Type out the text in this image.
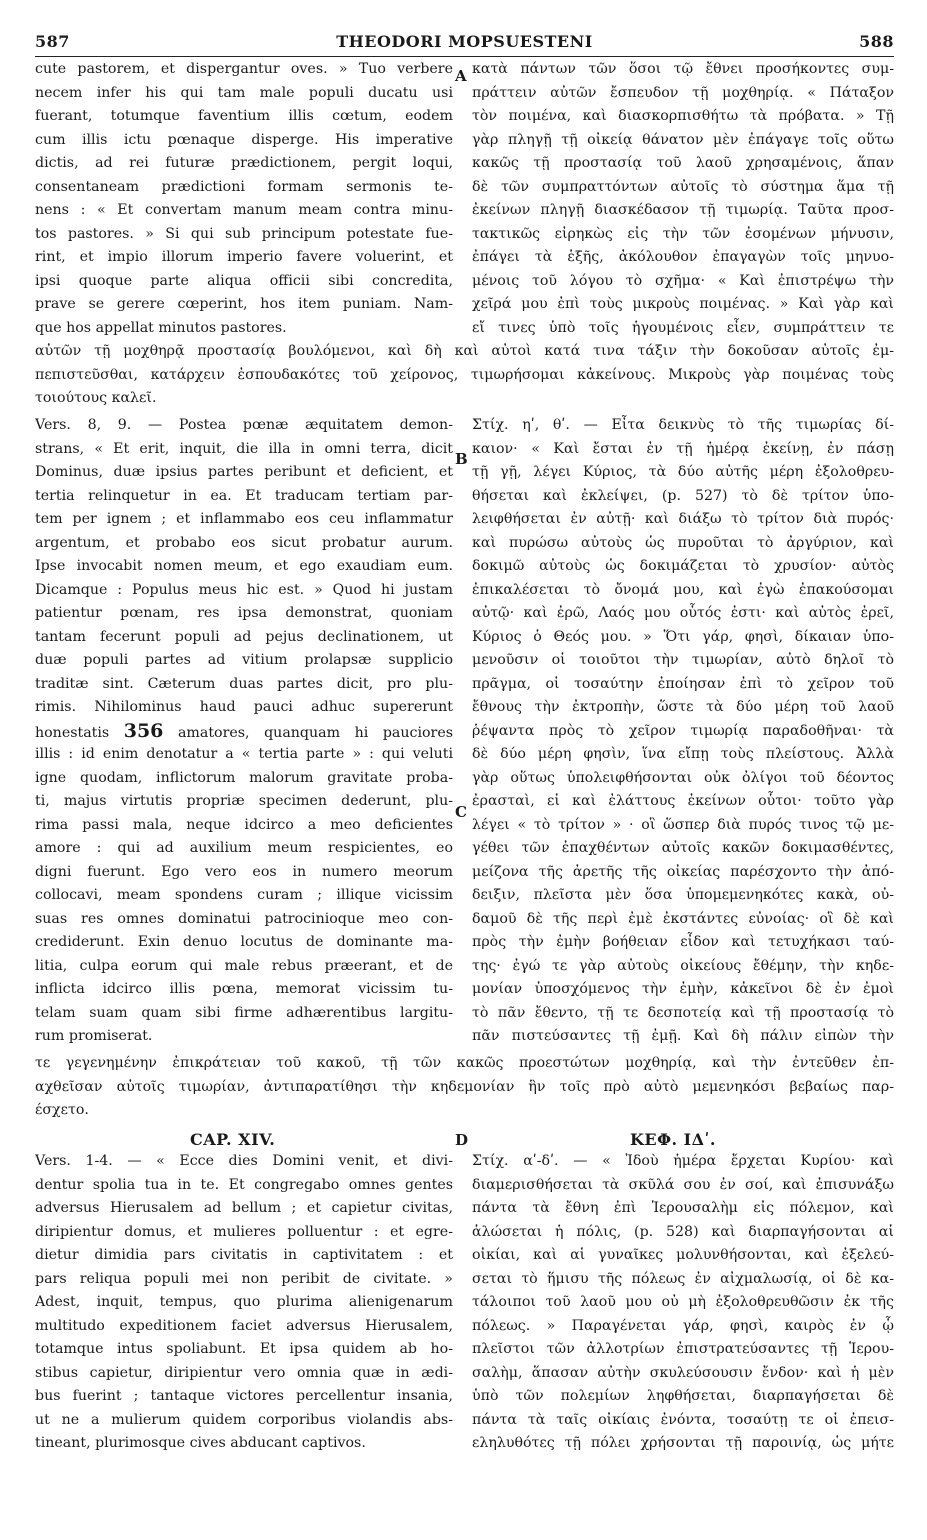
587	THEODORI MOPSUESTENI	588
cute pastorem, et dispergantur oves. » Tuo verbere
necem infer his qui tam male populi ducatu usi
fuerant, totumque faventium illis cœtum, eodem
cum illis ictu pœnaque disperge. His imperative
dictis, ad rei futuræ prædictionem, pergit loqui,
consentaneam prædictioni formam sermonis te-
nens : « Et convertam manum meam contra minu-
tos pastores. » Si qui sub principum potestate fue-
rint, et impio illorum imperio favere voluerint, et
ipsi quoque parte aliqua officii sibi concredita,
prave se gerere cœperint, hos item puniam. Nam-
que hos appellat minutos pastores.
κατὰ πάντων τῶν ὅσοι τῷ ἔθνει προσήκοντες συμ-
πράττειν αὐτῶν ἔσπευδον τῇ μοχθηρίᾳ. « Πάταξον
τὸν ποιμένα, καὶ διασκορπισθήτω τὰ πρόβατα. » Τῇ
γὰρ πληγῇ τῇ οἰκείᾳ θάνατον μὲν ἐπάγαγε τοῖς οὕτω
κακῶς τῇ προστασίᾳ τοῦ λαοῦ χρησαμένοις, ἅπαν
δὲ τῶν συμπραττόντων αὐτοῖς τὸ σύστημα ἅμα τῇ
ἐκείνων πληγῇ διασκέδασον τῇ τιμωρίᾳ. Ταῦτα προσ-
τακτικῶς εἰρηκὼς εἰς τὴν τῶν ἐσομένων μήνυσιν,
ἐπάγει τὰ ἑξῆς, ἀκόλουθον ἐπαγαγὼν τοῖς μηνυο-
μένοις τοῦ λόγου τὸ σχῆμα· « Καὶ ἐπιστρέψω τὴν
χεῖρά μου ἐπὶ τοὺς μικροὺς ποιμένας. » Καὶ γὰρ καὶ
εἴ τινες ὑπὸ τοῖς ἡγουμένοις εἶεν, συμπράττειν τε
A
αὐτῶν τῇ μοχθηρᾷ προστασίᾳ βουλόμενοι, καὶ δὴ καὶ αὐτοὶ κατά τινα τάξιν τὴν δοκοῦσαν αὐτοῖς ἐμ-
πεπιστεῦσθαι, κατάρχειν ἐσπουδακότες τοῦ χείρονος, τιμωρήσομαι κἀκείνους. Μικροὺς γὰρ ποιμένας τοὺς
τοιούτους καλεῖ.
Vers. 8, 9. — Postea pœnæ æquitatem demon-
strans, « Et erit, inquit, die illa in omni terra, dicit
Dominus, duæ ipsius partes peribunt et deficient, et
tertia relinquetur in ea. Et traducam tertiam par-
tem per ignem ; et inflammabo eos ceu inflammatur
argentum, et probabo eos sicut probatur aurum.
Ipse invocabit nomen meum, et ego exaudiam eum.
Dicamque : Populus meus hic est. » Quod hi justam
patientur pœnam, res ipsa demonstrat, quoniam
tantam fecerunt populi ad pejus declinationem, ut
duæ populi partes ad vitium prolapsæ supplicio
traditæ sint. Cæterum duas partes dicit, pro plu-
rimis. Nihilominus haud pauci adhuc supererunt
honestatis 356 amatores, quanquam hi pauciores
illis : id enim denotatur a « tertia parte » : qui veluti
igne quodam, inflictorum malorum gravitate proba-
ti, majus virtutis propriæ specimen dederunt, plu-
rima passi mala, neque idcirco a meo deficientes
amore : qui ad auxilium meum respicientes, eo
digni fuerunt. Ego vero eos in numero meorum
collocavi, meam spondens curam ; illique vicissim
suas res omnes dominatui patrocinioque meo con-
crediderunt. Exin denuo locutus de dominante ma-
litia, culpa eorum qui male rebus præerant, et de
inflicta idcirco illis pœna, memorat vicissim tu-
telam suam quam sibi firme adhærentibus largitu-
rum promiserat.
Στίχ. ηʹ, θʹ. — Εἶτα δεικνὺς τὸ τῆς τιμωρίας δί-
καιον· « Καὶ ἔσται ἐν τῇ ἡμέρᾳ ἐκείνῃ, ἐν πάσῃ
τῇ γῇ, λέγει Κύριος, τὰ δύο αὐτῆς μέρη ἐξολοθρευ-
θήσεται καὶ ἐκλείψει, (p. 527) τὸ δὲ τρίτον ὑπο-
λειφθήσεται ἐν αὐτῇ· καὶ διάξω τὸ τρίτον διὰ πυρός·
καὶ πυρώσω αὐτοὺς ὡς πυροῦται τὸ ἀργύριον, καὶ
δοκιμῶ αὐτοὺς ὡς δοκιμάζεται τὸ χρυσίον· αὐτὸς
ἐπικαλέσεται τὸ ὄνομά μου, καὶ ἐγὼ ἐπακούσομαι
αὐτῷ· καὶ ἐρῶ, Λαός μου οὗτός ἐστι· καὶ αὐτὸς ἐρεῖ,
Κύριος ὁ Θεός μου. » Ὅτι γάρ, φησὶ, δίκαιαν ὑπο-
μενοῦσιν οἱ τοιοῦτοι τὴν τιμωρίαν, αὐτὸ δηλοῖ τὸ
πρᾶγμα, οἱ τοσαύτην ἐποίησαν ἐπὶ τὸ χεῖρον τοῦ
ἔθνους τὴν ἐκτροπὴν, ὥστε τὰ δύο μέρη τοῦ λαοῦ
ῥέψαντα πρὸς τὸ χεῖρον τιμωρίᾳ παραδοθῆναι· τὰ
δὲ δύο μέρη φησὶν, ἵνα εἴπῃ τοὺς πλείστους. Ἀλλὰ
γὰρ οὕτως ὑπολειφθήσονται οὐκ ὀλίγοι τοῦ δέοντος
ἐρασταὶ, εἰ καὶ ἐλάττους ἐκείνων οὗτοι· τοῦτο γὰρ
λέγει « τὸ τρίτον » · οἳ ὥσπερ διὰ πυρός τινος τῷ με-
γέθει τῶν ἐπαχθέντων αὐτοῖς κακῶν δοκιμασθέντες,
μείζονα τῆς ἀρετῆς τῆς οἰκείας παρέσχοντο τὴν ἀπό-
δειξιν, πλεῖστα μὲν ὅσα ὑπομεμενηκότες κακὰ, οὐ-
δαμοῦ δὲ τῆς περὶ ἐμὲ ἐκστάντες εὐνοίας· οἳ δὲ καὶ
πρὸς τὴν ἐμὴν βοήθειαν εἶδον καὶ τετυχήκασι ταύ-
της· ἐγώ τε γὰρ αὐτοὺς οἰκείους ἔθέμην, τὴν κηδε-
μονίαν ὑποσχόμενος τὴν ἐμὴν, κἀκεῖνοι δὲ ἐν ἐμοὶ
τὸ πᾶν ἔθεντο, τῇ τε δεσποτείᾳ καὶ τῇ προστασίᾳ τὸ
πᾶν πιστεύσαντες τῇ ἐμῇ. Καὶ δὴ πάλιν εἰπὼν τὴν
B
C
τε γεγενημένην ἐπικράτειαν τοῦ κακοῦ, τῇ τῶν κακῶς προεστώτων μοχθηρίᾳ, καὶ τὴν ἐντεῦθεν ἐπ-
αχθεῖσαν αὐτοῖς τιμωρίαν, ἀντιπαρατίθησι τὴν κηδεμονίαν ἣν τοῖς πρὸ αὐτὸ μεμενηκόσι βεβαίως παρ-
έσχετο.
CAP. XIV.	D	ΚΕΦ. ΙΔʹ.
Vers. 1-4. — « Ecce dies Domini venit, et divi-
dentur spolia tua in te. Et congregabo omnes gentes
adversus Hierusalem ad bellum ; et capietur civitas,
diripientur domus, et mulieres polluentur : et egre-
dietur dimidia pars civitatis in captivitatem : et
pars reliqua populi mei non peribit de civitate. »
Adest, inquit, tempus, quo plurima alienigenarum
multitudo expeditionem faciet adversus Hierusalem,
totamque intus spoliabunt. Et ipsa quidem ab ho-
stibus capietur, diripientur vero omnia quæ in ædi-
bus fuerint ; tantaque victores percellentur insania,
ut ne a mulierum quidem corporibus violandis abs-
tineant, plurimosque cives abducant captivos.
Στίχ. αʹ-δʹ. — « Ἰδοὺ ἡμέρα ἔρχεται Κυρίου· καὶ
διαμερισθήσεται τὰ σκῦλά σου ἐν σοί, καὶ ἐπισυνάξω
πάντα τὰ ἔθνη ἐπὶ Ἱερουσαλὴμ εἰς πόλεμον, καὶ
ἁλώσεται ἡ πόλις, (p. 528) καὶ διαρπαγήσονται αἱ
οἰκίαι, καὶ αἱ γυναῖκες μολυνθήσονται, καὶ ἐξελεύ-
σεται τὸ ἥμισυ τῆς πόλεως ἐν αἰχμαλωσίᾳ, οἱ δὲ κα-
τάλοιποι τοῦ λαοῦ μου οὐ μὴ ἐξολοθρευθῶσιν ἐκ τῆς
πόλεως. » Παραγένεται γάρ, φησὶ, καιρὸς ἐν ᾧ
πλεῖστοι τῶν ἀλλοτρίων ἐπιστρατεύσαντες τῇ Ἱερου-
σαλὴμ, ἅπασαν αὐτὴν σκυλεύσουσιν ἔνδον· καὶ ἡ μὲν
ὑπὸ τῶν πολεμίων ληφθήσεται, διαρπαγήσεται δὲ
πάντα τὰ ταῖς οἰκίαις ἐνόντα, τοσαύτῃ τε οἱ ἐπεισ-
εληλυθότες τῇ πόλει χρήσονται τῇ παροινίᾳ, ὡς μήτε
